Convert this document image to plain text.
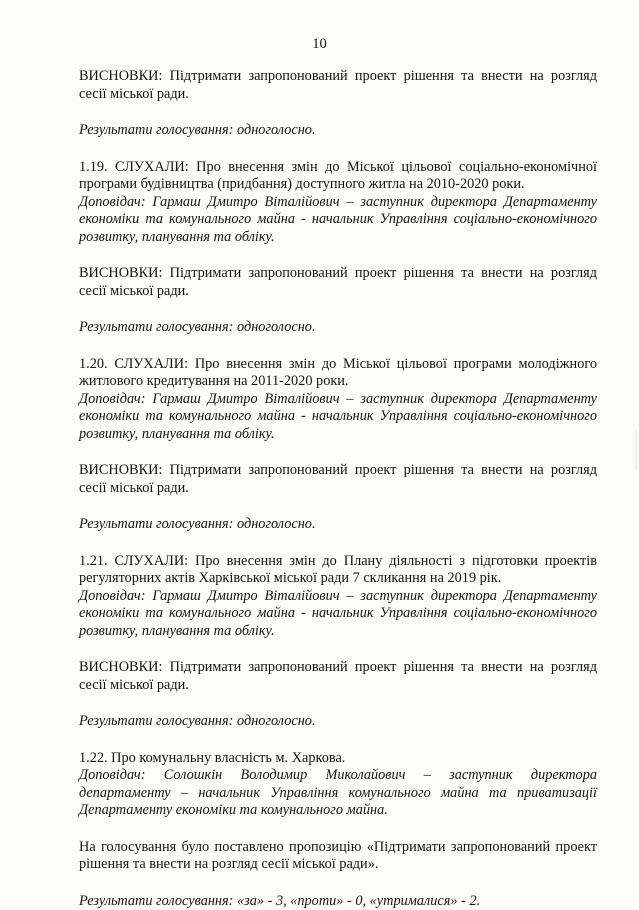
10

ВИСНОВКИ: Підтримати запропонований проект рішення та внести на розгляд сесії міської ради.

Результати голосування: одноголосно.

1.19. СЛУХАЛИ: Про внесення змін до Міської цільової соціально-економічної програми будівництва (придбання) доступного житла на 2010-2020 роки.

Доповідач: Гармаш Дмитро Віталійович – заступник директора Департаменту економіки та комунального майна - начальник Управління соціально-економічного розвитку, планування та обліку.

ВИСНОВКИ: Підтримати запропонований проект рішення та внести на розгляд сесії міської ради.

Результати голосування: одноголосно.

1.20. СЛУХАЛИ: Про внесення змін до Міської цільової програми молодіжного житлового кредитування на 2011-2020 роки.

Доповідач: Гармаш Дмитро Віталійович – заступник директора Департаменту економіки та комунального майна - начальник Управління соціально-економічного розвитку, планування та обліку.

ВИСНОВКИ: Підтримати запропонований проект рішення та внести на розгляд сесії міської ради.

Результати голосування: одноголосно.

1.21. СЛУХАЛИ: Про внесення змін до Плану діяльності з підготовки проектів регуляторних актів Харківської міської ради 7 скликання на 2019 рік.

Доповідач: Гармаш Дмитро Віталійович – заступник директора Департаменту економіки та комунального майна - начальник Управління соціально-економічного розвитку, планування та обліку.

ВИСНОВКИ: Підтримати запропонований проект рішення та внести на розгляд сесії міської ради.

Результати голосування: одноголосно.

1.22. Про комунальну власність м. Харкова.

Доповідач: Солошкін Володимир Миколайович – заступник директора департаменту – начальник Управління комунального майна та приватизації Департаменту економіки та комунального майна.

На голосування було поставлено пропозицію «Підтримати запропонований проект рішення та внести на розгляд сесії міської ради».

Результати голосування: «за» - 3, «проти» - 0, «утрималися» - 2.
